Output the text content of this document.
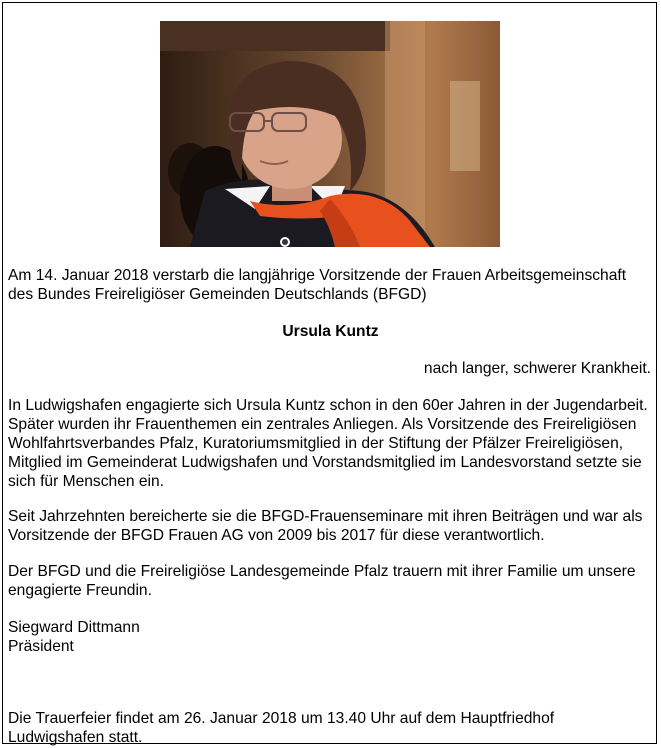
Am 14. Januar 2018 verstarb die langjährige Vorsitzende der Frauen Arbeitsgemeinschaft des Bundes Freireligiöser Gemeinden Deutschlands (BFGD)

Ursula Kuntz

nach langer, schwerer Krankheit.

In Ludwigshafen engagierte sich Ursula Kuntz schon in den 60er Jahren in der Jugendarbeit. Später wurden ihr Frauenthemen ein zentrales Anliegen. Als Vorsitzende des Freireligiösen Wohlfahrtsverbandes Pfalz, Kuratoriumsmitglied in der Stiftung der Pfälzer Freireligiösen, Mitglied im Gemeinderat Ludwigshafen und Vorstandsmitglied im Landesvorstand setzte sie sich für Menschen ein.

Seit Jahrzehnten bereicherte sie die BFGD-Frauenseminare mit ihren Beiträgen und war als Vorsitzende der BFGD Frauen AG von 2009 bis 2017 für diese verantwortlich.

Der BFGD und die Freireligiöse Landesgemeinde Pfalz trauern mit ihrer Familie um unsere engagierte Freundin.

Siegward Dittmann

Präsident

Die Trauerfeier findet am 26. Januar 2018 um 13.40 Uhr auf dem Hauptfriedhof Ludwigshafen statt.
